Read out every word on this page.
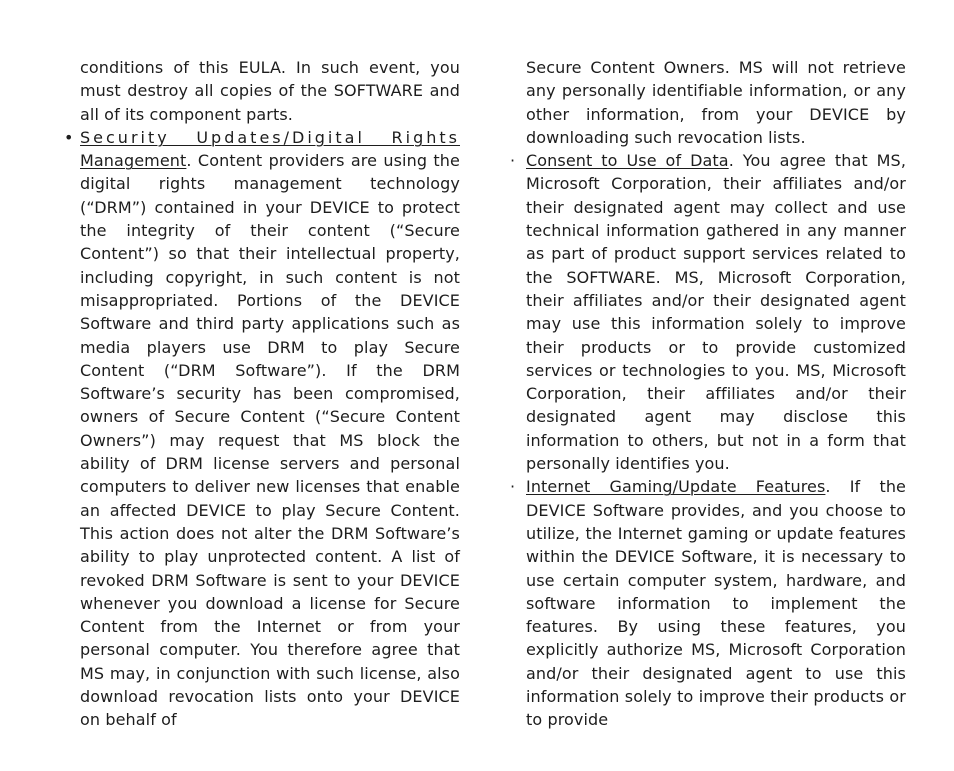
conditions of this EULA. In such event, you must destroy all copies of the SOFTWARE and all of its component parts.

• Security Updates/Digital Rights Management. Content providers are using the digital rights management technology (“DRM”) contained in your DEVICE to protect the integrity of their content (“Secure Content”) so that their intellectual property, including copyright, in such content is not misappropriated. Portions of the DEVICE Software and third party applications such as media players use DRM to play Secure Content (“DRM Software”). If the DRM Software’s security has been compromised, owners of Secure Content (“Secure Content Owners”) may request that MS block the ability of DRM license servers and personal computers to deliver new licenses that enable an affected DEVICE to play Secure Content. This action does not alter the DRM Software’s ability to play unprotected content. A list of revoked DRM Software is sent to your DEVICE whenever you download a license for Secure Content from the Internet or from your personal computer. You therefore agree that MS may, in conjunction with such license, also download revocation lists onto your DEVICE on behalf of

Secure Content Owners. MS will not retrieve any personally identifiable information, or any other information, from your DEVICE by downloading such revocation lists.

· Consent to Use of Data. You agree that MS, Microsoft Corporation, their affiliates and/or their designated agent may collect and use technical information gathered in any manner as part of product support services related to the SOFTWARE. MS, Microsoft Corporation, their affiliates and/or their designated agent may use this information solely to improve their products or to provide customized services or technologies to you. MS, Microsoft Corporation, their affiliates and/or their designated agent may disclose this information to others, but not in a form that personally identifies you.

· Internet Gaming/Update Features. If the DEVICE Software provides, and you choose to utilize, the Internet gaming or update features within the DEVICE Software, it is necessary to use certain computer system, hardware, and software information to implement the features. By using these features, you explicitly authorize MS, Microsoft Corporation and/or their designated agent to use this information solely to improve their products or to provide
